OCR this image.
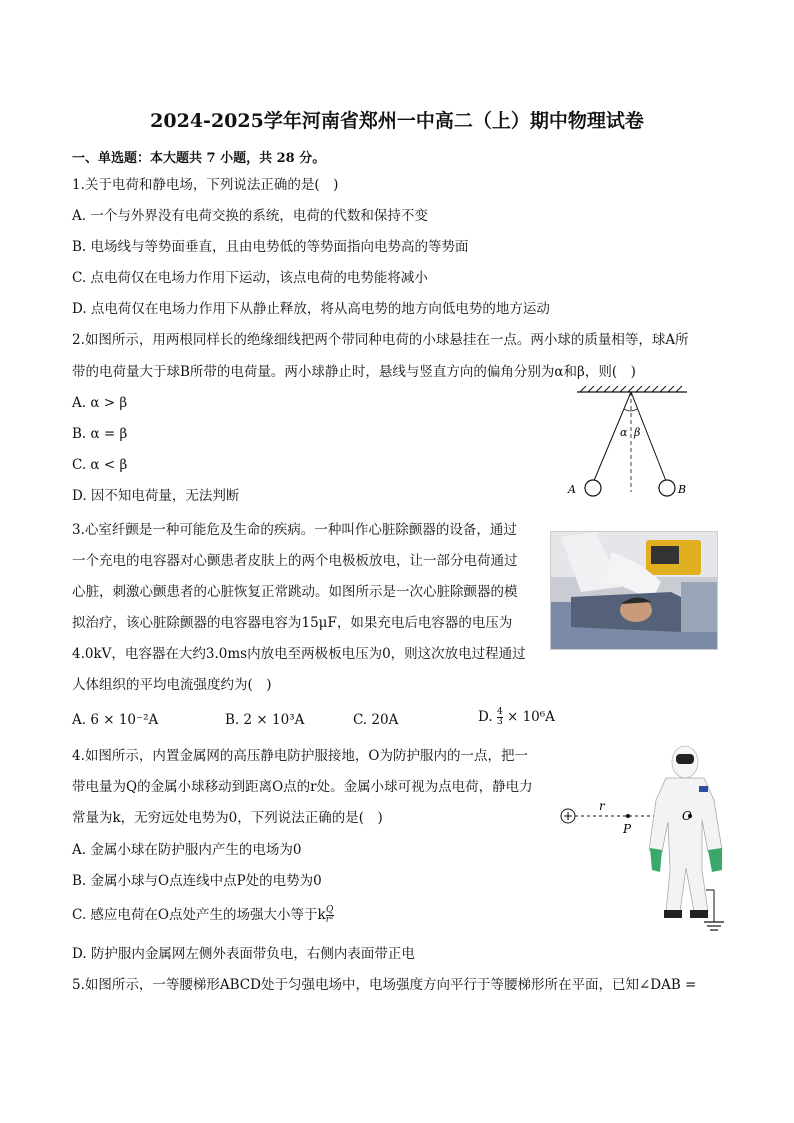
2024-2025学年河南省郑州一中高二（上）期中物理试卷
一、单选题：本大题共 7 小题，共 28 分。
1.关于电荷和静电场，下列说法正确的是(　)
A. 一个与外界没有电荷交换的系统，电荷的代数和保持不变
B. 电场线与等势面垂直，且由电势低的等势面指向电势高的等势面
C. 点电荷仅在电场力作用下运动，该点电荷的电势能将减小
D. 点电荷仅在电场力作用下从静止释放，将从高电势的地方向低电势的地方运动
2.如图所示，用两根同样长的绝缘细线把两个带同种电荷的小球悬挂在一点。两小球的质量相等，球A所
带的电荷量大于球B所带的电荷量。两小球静止时，悬线与竖直方向的偏角分别为α和β，则(　)
A. α > β
B. α = β
C. α < β
D. 因不知电荷量，无法判断
α β
A	B
3.心室纤颤是一种可能危及生命的疾病。一种叫作心脏除颤器的设备，通过
一个充电的电容器对心颤患者皮肤上的两个电极板放电，让一部分电荷通过
心脏，刺激心颤患者的心脏恢复正常跳动。如图所示是一次心脏除颤器的模
拟治疗，该心脏除颤器的电容器电容为15μF，如果充电后电容器的电压为
4.0kV，电容器在大约3.0ms内放电至两极板电压为0，则这次放电过程通过
人体组织的平均电流强度约为(　)
A. 6 × 10⁻²A	B. 2 × 10³A	C. 20A	D. $\frac{4}{3} \times 10^6A$
4.如图所示，内置金属网的高压静电防护服接地，O为防护服内的一点，把一
带电量为Q的金属小球移动到距离O点的r处。金属小球可视为点电荷，静电力
常量为k，无穷远处电势为0，下列说法正确的是(　)
A. 金属小球在防护服内产生的电场为0
B. 金属小球与O点连线中点P处的电势为0
C. 感应电荷在O点处产生的场强大小等于k $\frac{Q}{\text{r²}}$
D. 防护服内金属网左侧外表面带负电，右侧内表面带正电
+
r
P
O
5.如图所示，一等腰梯形ABCD处于匀强电场中，电场强度方向平行于等腰梯形所在平面，已知∠DAB =
